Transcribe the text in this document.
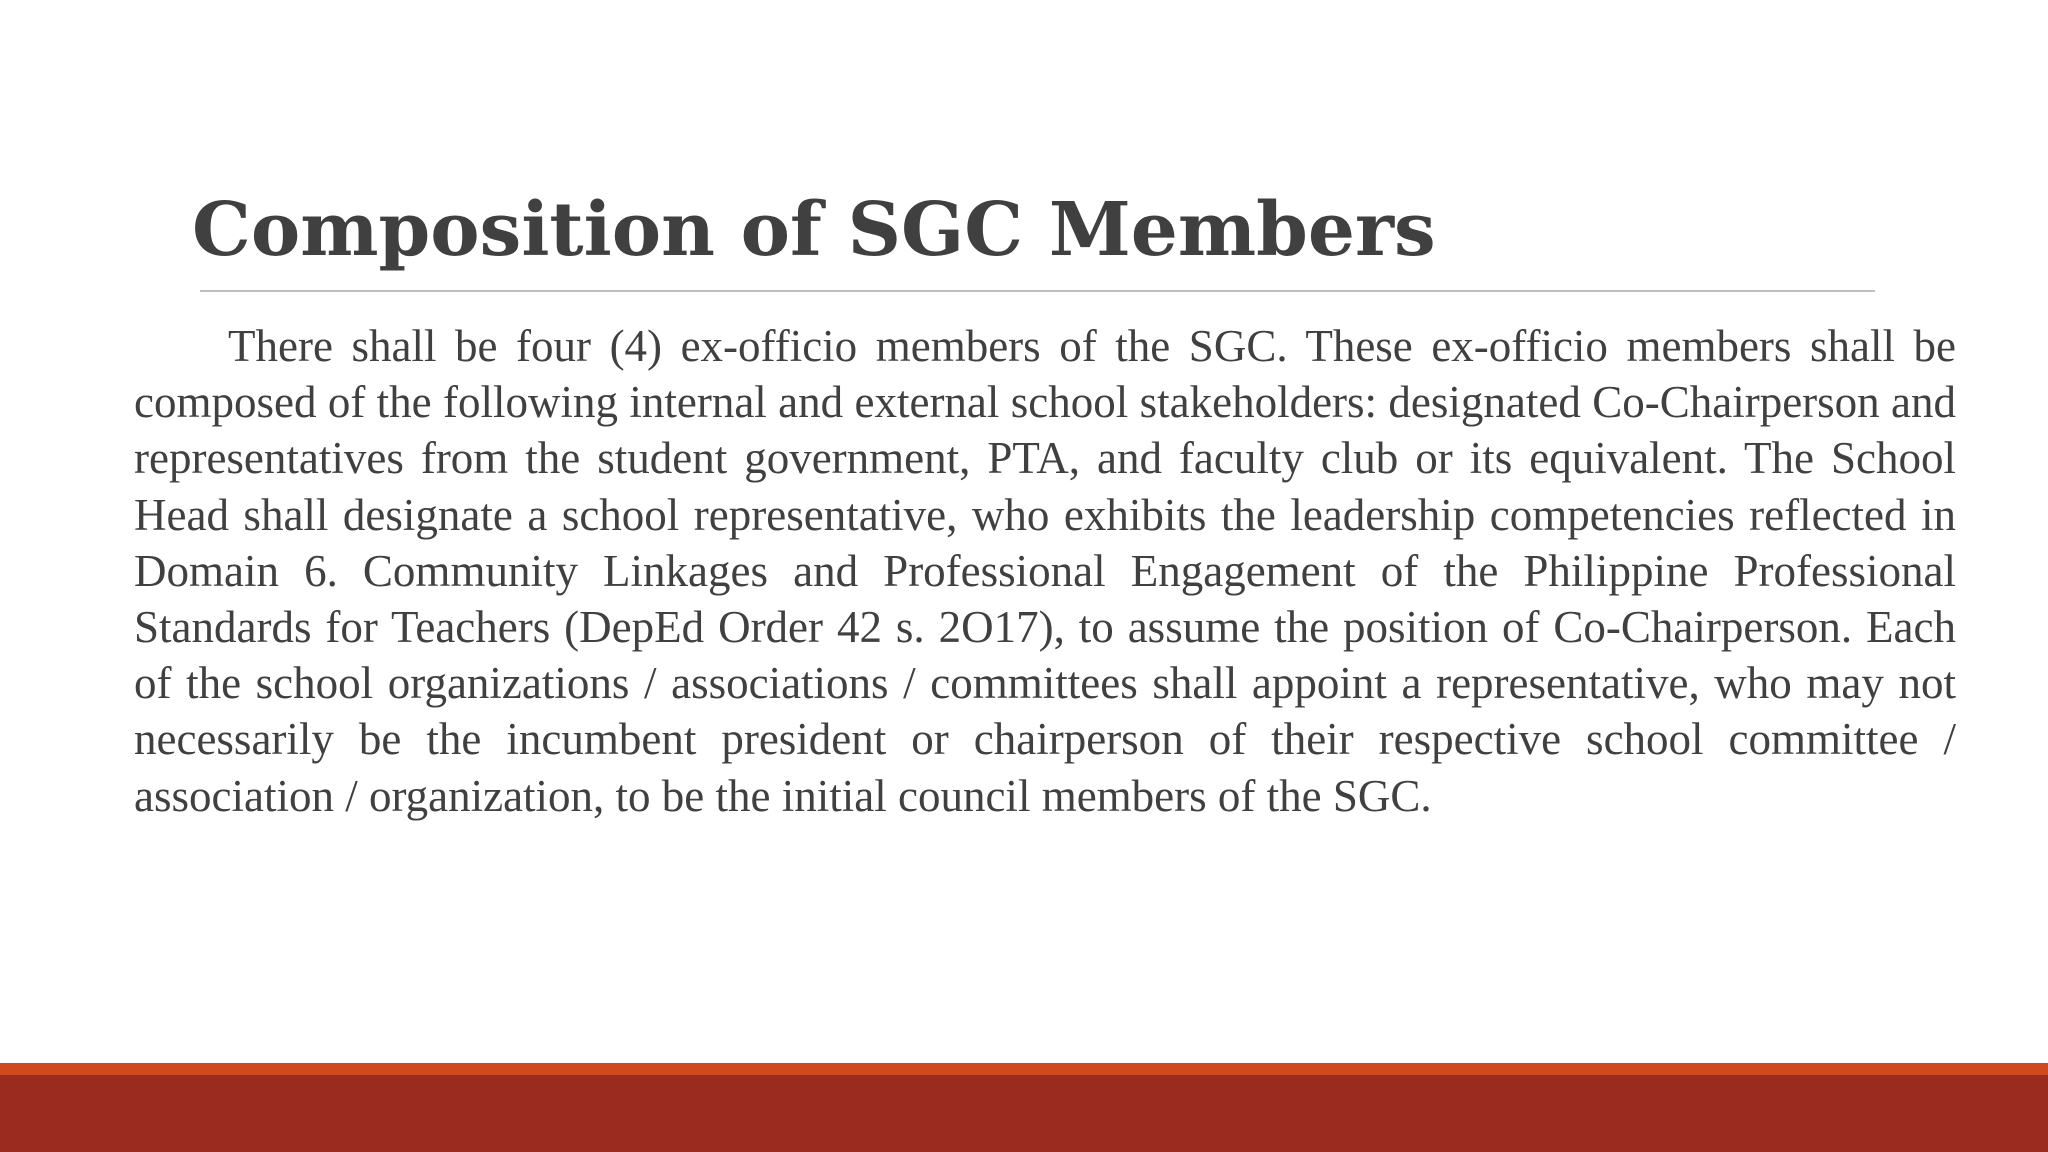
Composition of SGC Members

There shall be four (4) ex-officio members of the SGC. These ex-officio members shall be composed of the following internal and external school stakeholders: designated Co-Chairperson and representatives from the student government, PTA, and faculty club or its equivalent. The School Head shall designate a school representative, who exhibits the leadership competencies reflected in Domain 6. Community Linkages and Professional Engagement of the Philippine Professional Standards for Teachers (DepEd Order 42 s. 2O17), to assume the position of Co-Chairperson. Each of the school organizations / associations / committees shall appoint a representative, who may not necessarily be the incumbent president or chairperson of their respective school committee / association / organization, to be the initial council members of the SGC.
